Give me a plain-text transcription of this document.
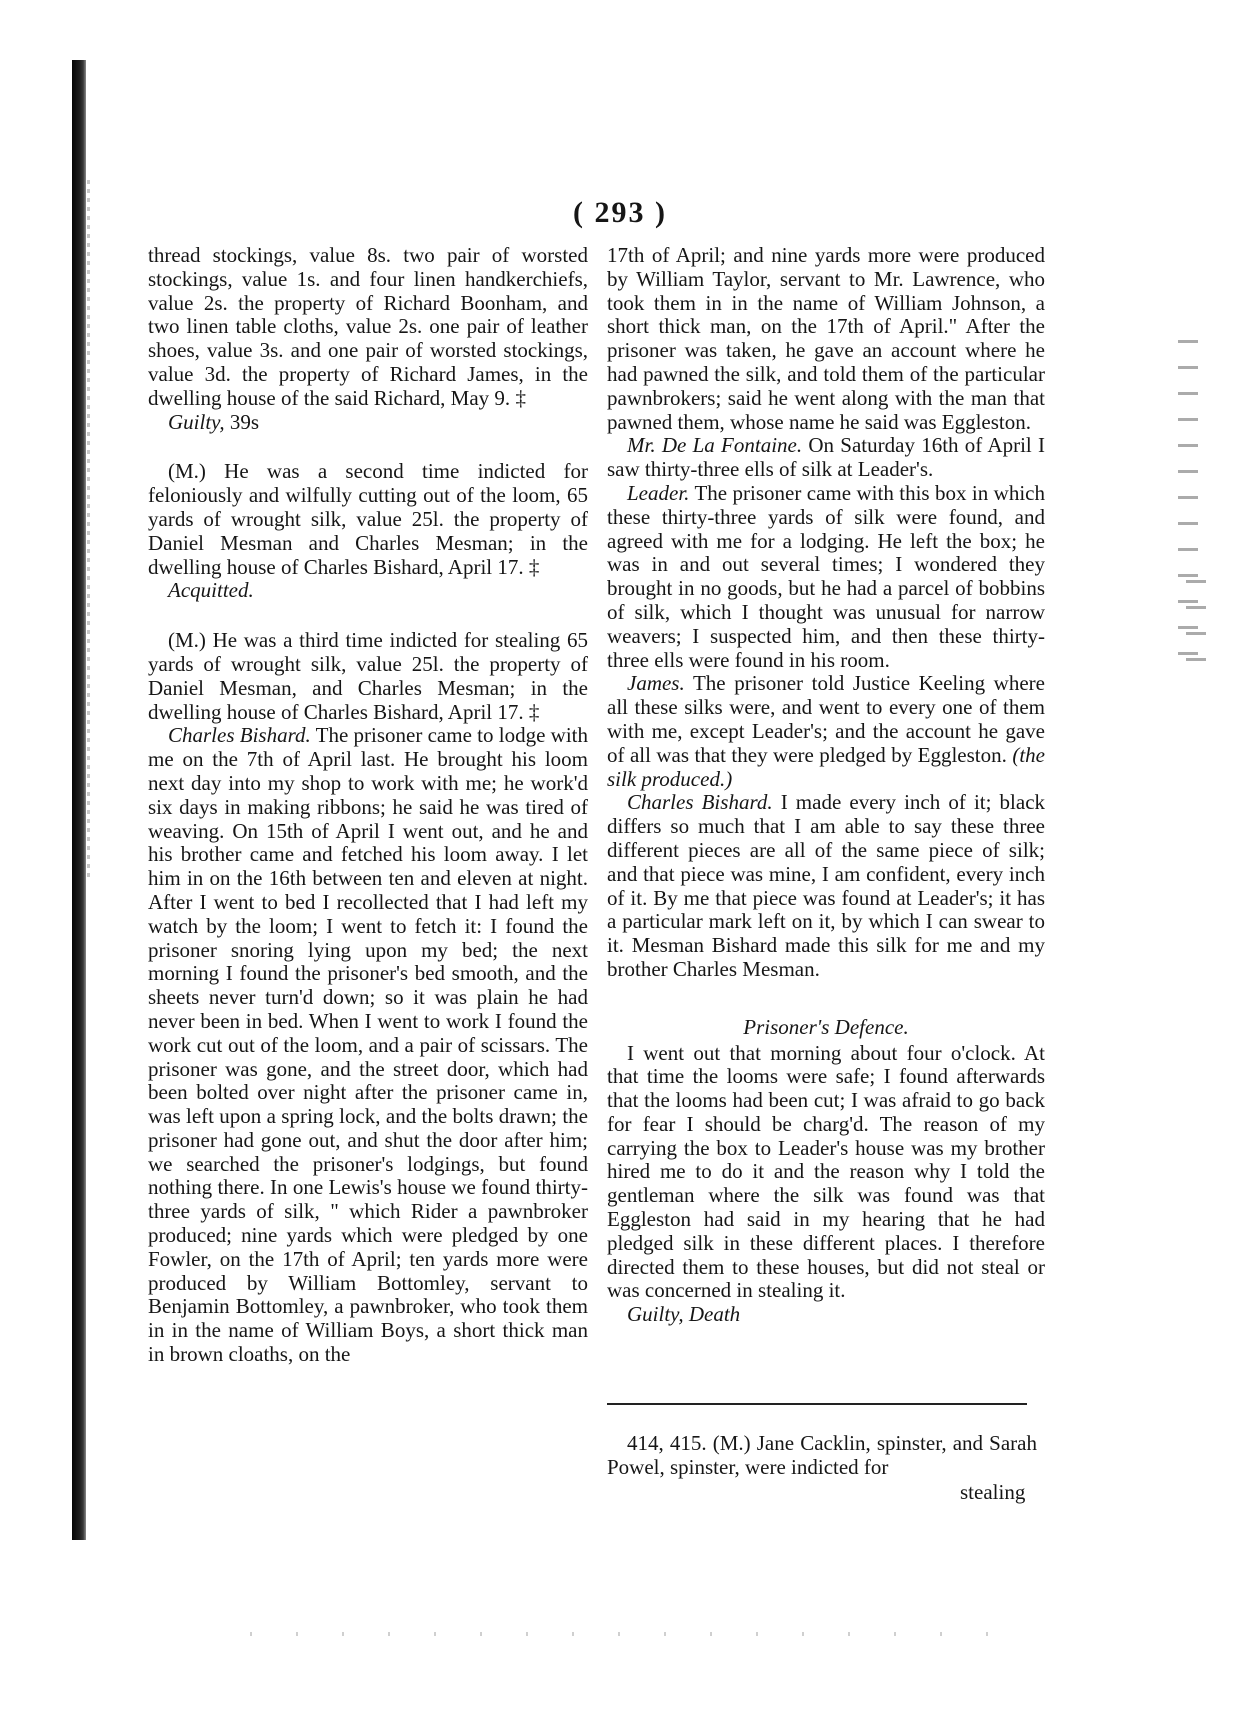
( 293 )

thread stockings, value 8s. two pair of worsted stockings, value 1s. and four linen handkerchiefs, value 2s. the property of Richard Boonham, and two linen table cloths, value 2s. one pair of leather shoes, value 3s. and one pair of worsted stockings, value 3d. the property of Richard James, in the dwelling house of the said Richard, May 9. ‡

Guilty, 39s

(M.) He was a second time indicted for feloniously and wilfully cutting out of the loom, 65 yards of wrought silk, value 25l. the property of Daniel Mesman and Charles Mesman; in the dwelling house of Charles Bishard, April 17. ‡

Acquitted.

(M.) He was a third time indicted for stealing 65 yards of wrought silk, value 25l. the property of Daniel Mesman, and Charles Mesman; in the dwelling house of Charles Bishard, April 17. ‡

Charles Bishard. The prisoner came to lodge with me on the 7th of April last. He brought his loom next day into my shop to work with me; he work'd six days in making ribbons; he said he was tired of weaving. On 15th of April I went out, and he and his brother came and fetched his loom away. I let him in on the 16th between ten and eleven at night. After I went to bed I recollected that I had left my watch by the loom; I went to fetch it: I found the prisoner snoring lying upon my bed; the next morning I found the prisoner's bed smooth, and the sheets never turn'd down; so it was plain he had never been in bed. When I went to work I found the work cut out of the loom, and a pair of scissars. The prisoner was gone, and the street door, which had been bolted over night after the prisoner came in, was left upon a spring lock, and the bolts drawn; the prisoner had gone out, and shut the door after him; we searched the prisoner's lodgings, but found nothing there. In one Lewis's house we found thirty-three yards of silk, " which Rider a pawnbroker produced; nine yards which were pledged by one Fowler, on the 17th of April; ten yards more were produced by William Bottomley, servant to Benjamin Bottomley, a pawnbroker, who took them in in the name of William Boys, a short thick man in brown cloaths, on the

17th of April; and nine yards more were produced by William Taylor, servant to Mr. Lawrence, who took them in in the name of William Johnson, a short thick man, on the 17th of April." After the prisoner was taken, he gave an account where he had pawned the silk, and told them of the particular pawnbrokers; said he went along with the man that pawned them, whose name he said was Eggleston.

Mr. De La Fontaine. On Saturday 16th of April I saw thirty-three ells of silk at Leader's.

Leader. The prisoner came with this box in which these thirty-three yards of silk were found, and agreed with me for a lodging. He left the box; he was in and out several times; I wondered they brought in no goods, but he had a parcel of bobbins of silk, which I thought was unusual for narrow weavers; I suspected him, and then these thirty-three ells were found in his room.

James. The prisoner told Justice Keeling where all these silks were, and went to every one of them with me, except Leader's; and the account he gave of all was that they were pledged by Eggleston. (the silk produced.)

Charles Bishard. I made every inch of it; black differs so much that I am able to say these three different pieces are all of the same piece of silk; and that piece was mine, I am confident, every inch of it. By me that piece was found at Leader's; it has a particular mark left on it, by which I can swear to it. Mesman Bishard made this silk for me and my brother Charles Mesman.

Prisoner's Defence.

I went out that morning about four o'clock. At that time the looms were safe; I found afterwards that the looms had been cut; I was afraid to go back for fear I should be charg'd. The reason of my carrying the box to Leader's house was my brother hired me to do it and the reason why I told the gentleman where the silk was found was that Eggleston had said in my hearing that he had pledged silk in these different places. I therefore directed them to these houses, but did not steal or was concerned in stealing it.

Guilty, Death

414, 415. (M.) Jane Cacklin, spinster, and Sarah Powel, spinster, were indicted for
stealing
